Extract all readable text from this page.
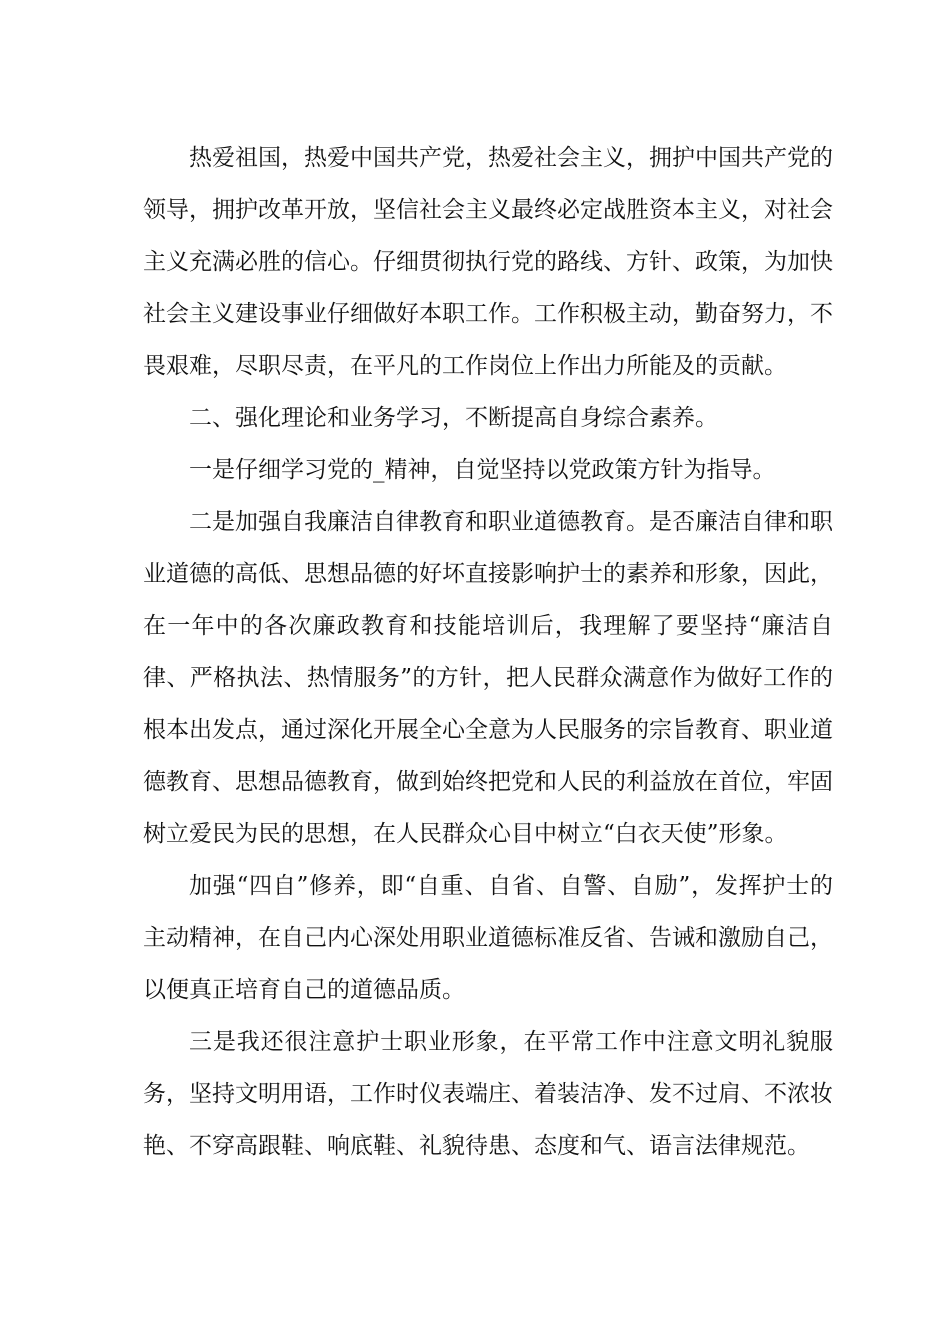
热爱祖国，热爱中国共产党，热爱社会主义，拥护中国共产党的领导，拥护改革开放，坚信社会主义最终必定战胜资本主义，对社会主义充满必胜的信心。仔细贯彻执行党的路线、方针、政策，为加快社会主义建设事业仔细做好本职工作。工作积极主动，勤奋努力，不畏艰难，尽职尽责，在平凡的工作岗位上作出力所能及的贡献。

二、强化理论和业务学习，不断提高自身综合素养。

一是仔细学习党的_精神，自觉坚持以党政策方针为指导。

二是加强自我廉洁自律教育和职业道德教育。是否廉洁自律和职业道德的高低、思想品德的好坏直接影响护士的素养和形象，因此，在一年中的各次廉政教育和技能培训后，我理解了要坚持“廉洁自律、严格执法、热情服务”的方针，把人民群众满意作为做好工作的根本出发点，通过深化开展全心全意为人民服务的宗旨教育、职业道德教育、思想品德教育，做到始终把党和人民的利益放在首位，牢固树立爱民为民的思想，在人民群众心目中树立“白衣天使”形象。

加强“四自”修养，即“自重、自省、自警、自励”，发挥护士的主动精神，在自己内心深处用职业道德标准反省、告诫和激励自己，以便真正培育自己的道德品质。

三是我还很注意护士职业形象，在平常工作中注意文明礼貌服务，坚持文明用语，工作时仪表端庄、着装洁净、发不过肩、不浓妆艳、不穿高跟鞋、响底鞋、礼貌待患、态度和气、语言法律规范。
